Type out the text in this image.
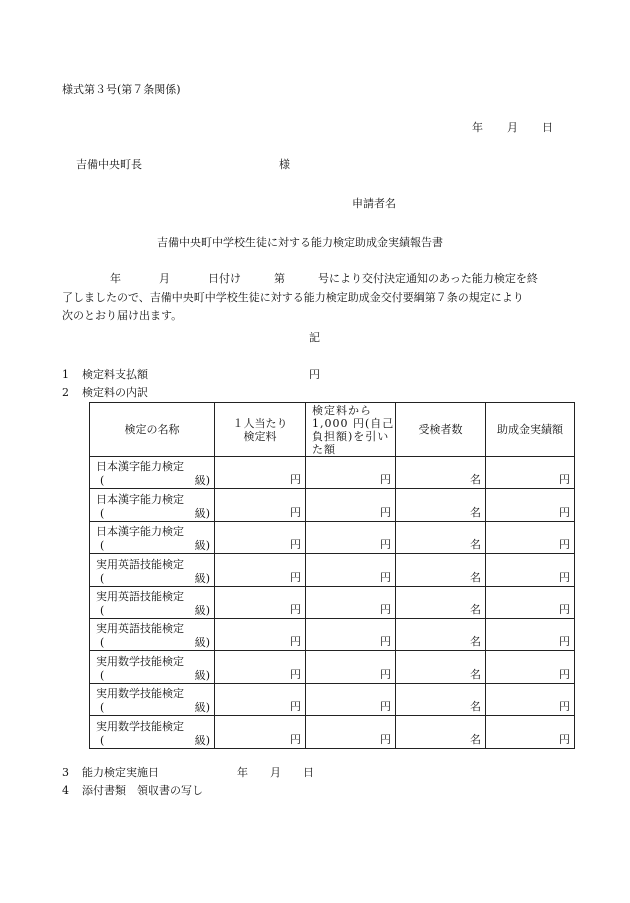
様式第３号(第７条関係)
年 月 日
吉備中央町長	様
申請者名
吉備中央町中学校生徒に対する能力検定助成金実績報告書
年	月	日付け	第	号により交付決定通知のあった能力検定を終
了しましたので、吉備中央町中学校生徒に対する能力検定助成金交付要綱第７条の規定により
次のとおり届け出ます。
記
1 検定料支払額	円
2 検定料の内訳
検定の名称	１人当たり検定料	検定料から1,000 円(自己負担額)を引いた額	受検者数	助成金実績額

日本漢字能力検定
( 級)	円	円	名	円

日本漢字能力検定
( 級)	円	円	名	円

日本漢字能力検定
( 級)	円	円	名	円

実用英語技能検定
( 級)	円	円	名	円

実用英語技能検定
( 級)	円	円	名	円

実用英語技能検定
( 級)	円	円	名	円

実用数学技能検定
( 級)	円	円	名	円

実用数学技能検定
( 級)	円	円	名	円

実用数学技能検定
( 級)	円	円	名	円
3 能力検定実施日	年 月 日
4 添付書類　領収書の写し
